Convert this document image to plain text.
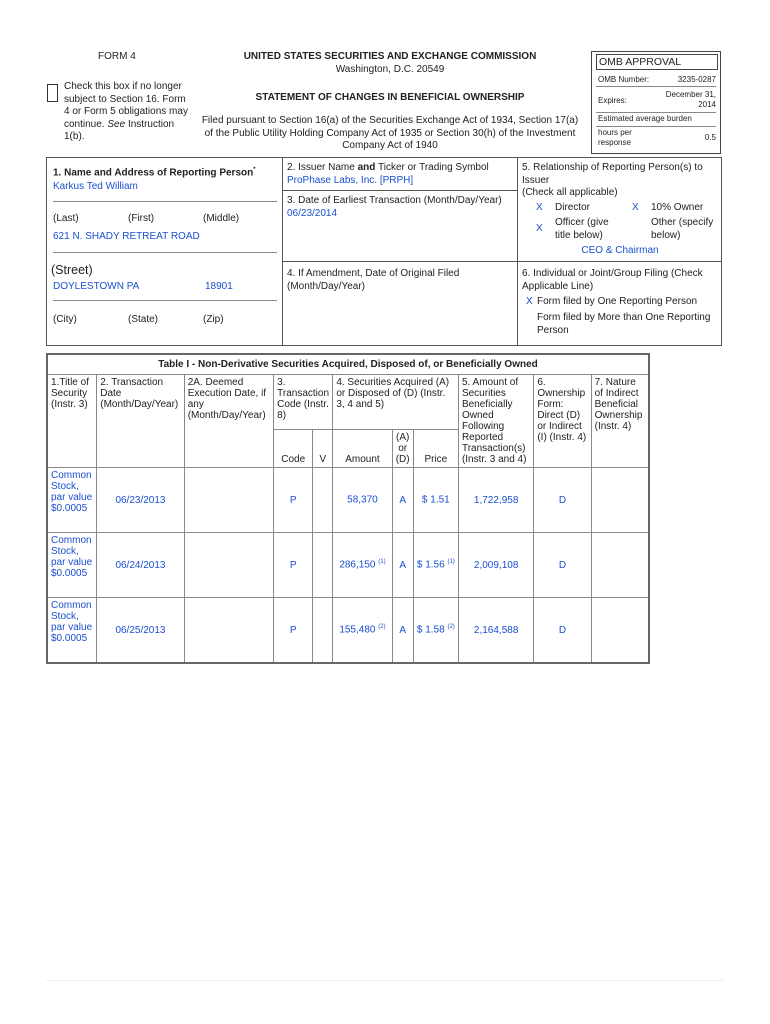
FORM 4
Check this box if no longer subject to Section 16. Form 4 or Form 5 obligations may continue. See Instruction 1(b).
UNITED STATES SECURITIES AND EXCHANGE COMMISSION
Washington, D.C. 20549
STATEMENT OF CHANGES IN BENEFICIAL OWNERSHIP
Filed pursuant to Section 16(a) of the Securities Exchange Act of 1934, Section 17(a) of the Public Utility Holding Company Act of 1935 or Section 30(h) of the Investment Company Act of 1940
OMB APPROVAL
OMB Number:	3235-0287
Expires:
December 31, 2014
Estimated average burden
hours per response
0.5
1. Name and Address of Reporting Person*
Karkus Ted William
(Last)	(First)	(Middle)
621 N. SHADY RETREAT ROAD
(Street)
DOYLESTOWN PA	18901
(City)	(State)	(Zip)
2. Issuer Name and Ticker or Trading Symbol
ProPhase Labs, Inc. [PRPH]
3. Date of Earliest Transaction (Month/Day/Year)
06/23/2014
4. If Amendment, Date of Original Filed (Month/Day/Year)
5. Relationship of Reporting Person(s) to Issuer
(Check all applicable)
X Director	X 10% Owner
X
Officer (give title below)
Other (specify below)
CEO & Chairman
6. Individual or Joint/Group Filing (Check Applicable Line)
X Form filed by One Reporting Person
Form filed by More than One Reporting Person
Table I - Non-Derivative Securities Acquired, Disposed of, or Beneficially Owned										
1.Title of Security (Instr. 3)	2. Transaction Date (Month/Day/Year)	2A. Deemed Execution Date, if any (Month/Day/Year)	3. Transaction Code (Instr. 8)		4. Securities Acquired (A) or Disposed of (D) (Instr. 3, 4 and 5)			5. Amount of Securities Beneficially Owned Following Reported Transaction(s) (Instr. 3 and 4)	6. Ownership Form: Direct (D) or Indirect (I) (Instr. 4)	7. Nature of Indirect Beneficial Ownership (Instr. 4)
			Code	V	Amount	(A) or (D)	Price			
Common Stock, par value $0.0005	06/23/2013		P		58,370	A	$ 1.51	1,722,958	D	
Common Stock, par value $0.0005	06/24/2013		P		286,150 $^{(1)}$	A	$ 1.56 $^{(1)}$	2,009,108	D	
Common Stock, par value $0.0005	06/25/2013		P		155,480 $^{(2)}$	A	$ 1.58 $^{(2)}$	2,164,588	D	
